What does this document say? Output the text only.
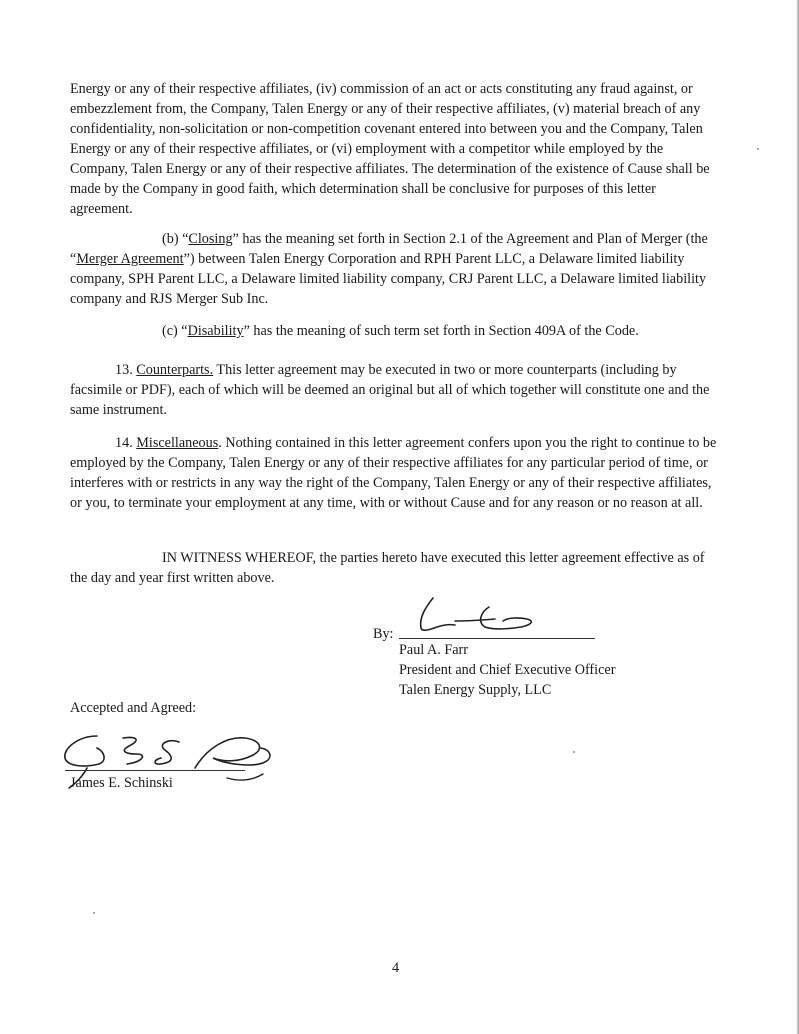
Energy or any of their respective affiliates, (iv) commission of an act or acts constituting any fraud against, or embezzlement from, the Company, Talen Energy or any of their respective affiliates, (v) material breach of any confidentiality, non-solicitation or non-competition covenant entered into between you and the Company, Talen Energy or any of their respective affiliates, or (vi) employment with a competitor while employed by the Company, Talen Energy or any of their respective affiliates. The determination of the existence of Cause shall be made by the Company in good faith, which determination shall be conclusive for purposes of this letter agreement.

(b) “Closing” has the meaning set forth in Section 2.1 of the Agreement and Plan of Merger (the “Merger Agreement”) between Talen Energy Corporation and RPH Parent LLC, a Delaware limited liability company, SPH Parent LLC, a Delaware limited liability company, CRJ Parent LLC, a Delaware limited liability company and RJS Merger Sub Inc.

(c) “Disability” has the meaning of such term set forth in Section 409A of the Code.

13. Counterparts. This letter agreement may be executed in two or more counterparts (including by facsimile or PDF), each of which will be deemed an original but all of which together will constitute one and the same instrument.

14. Miscellaneous. Nothing contained in this letter agreement confers upon you the right to continue to be employed by the Company, Talen Energy or any of their respective affiliates for any particular period of time, or interferes with or restricts in any way the right of the Company, Talen Energy or any of their respective affiliates, or you, to terminate your employment at any time, with or without Cause and for any reason or no reason at all.

IN WITNESS WHEREOF, the parties hereto have executed this letter agreement effective as of the day and year first written above.

By:
Paul A. Farr
President and Chief Executive Officer
Talen Energy Supply, LLC
Accepted and Agreed:
James E. Schinski
4
